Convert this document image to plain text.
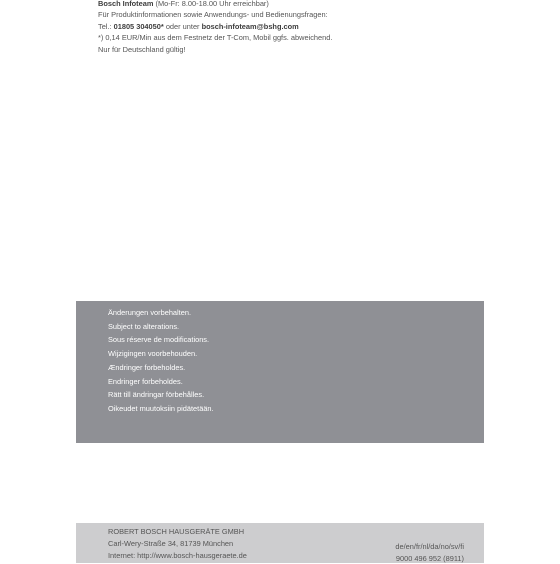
Bosch Infoteam (Mo-Fr: 8.00-18.00 Uhr erreichbar)
Für Produktinformationen sowie Anwendungs- und Bedienungsfragen:
Tel.: 01805 304050* oder unter bosch-infoteam@bshg.com
*) 0,14 EUR/Min aus dem Festnetz der T-Com, Mobil ggfs. abweichend.
Nur für Deutschland gültig!
Änderungen vorbehalten.
Subject to alterations.
Sous réserve de modifications.
Wijzigingen voorbehouden.
Ændringer forbeholdes.
Endringer forbeholdes.
Rätt till ändringar förbehålles.
Oikeudet muutoksiin pidätetään.
ROBERT BOSCH HAUSGERÄTE GMBH
Carl-Wery-Straße 34, 81739 München
Internet: http://www.bosch-hausgeraete.de
de/en/fr/nl/da/no/sv/fi
9000 496 952 (8911)
